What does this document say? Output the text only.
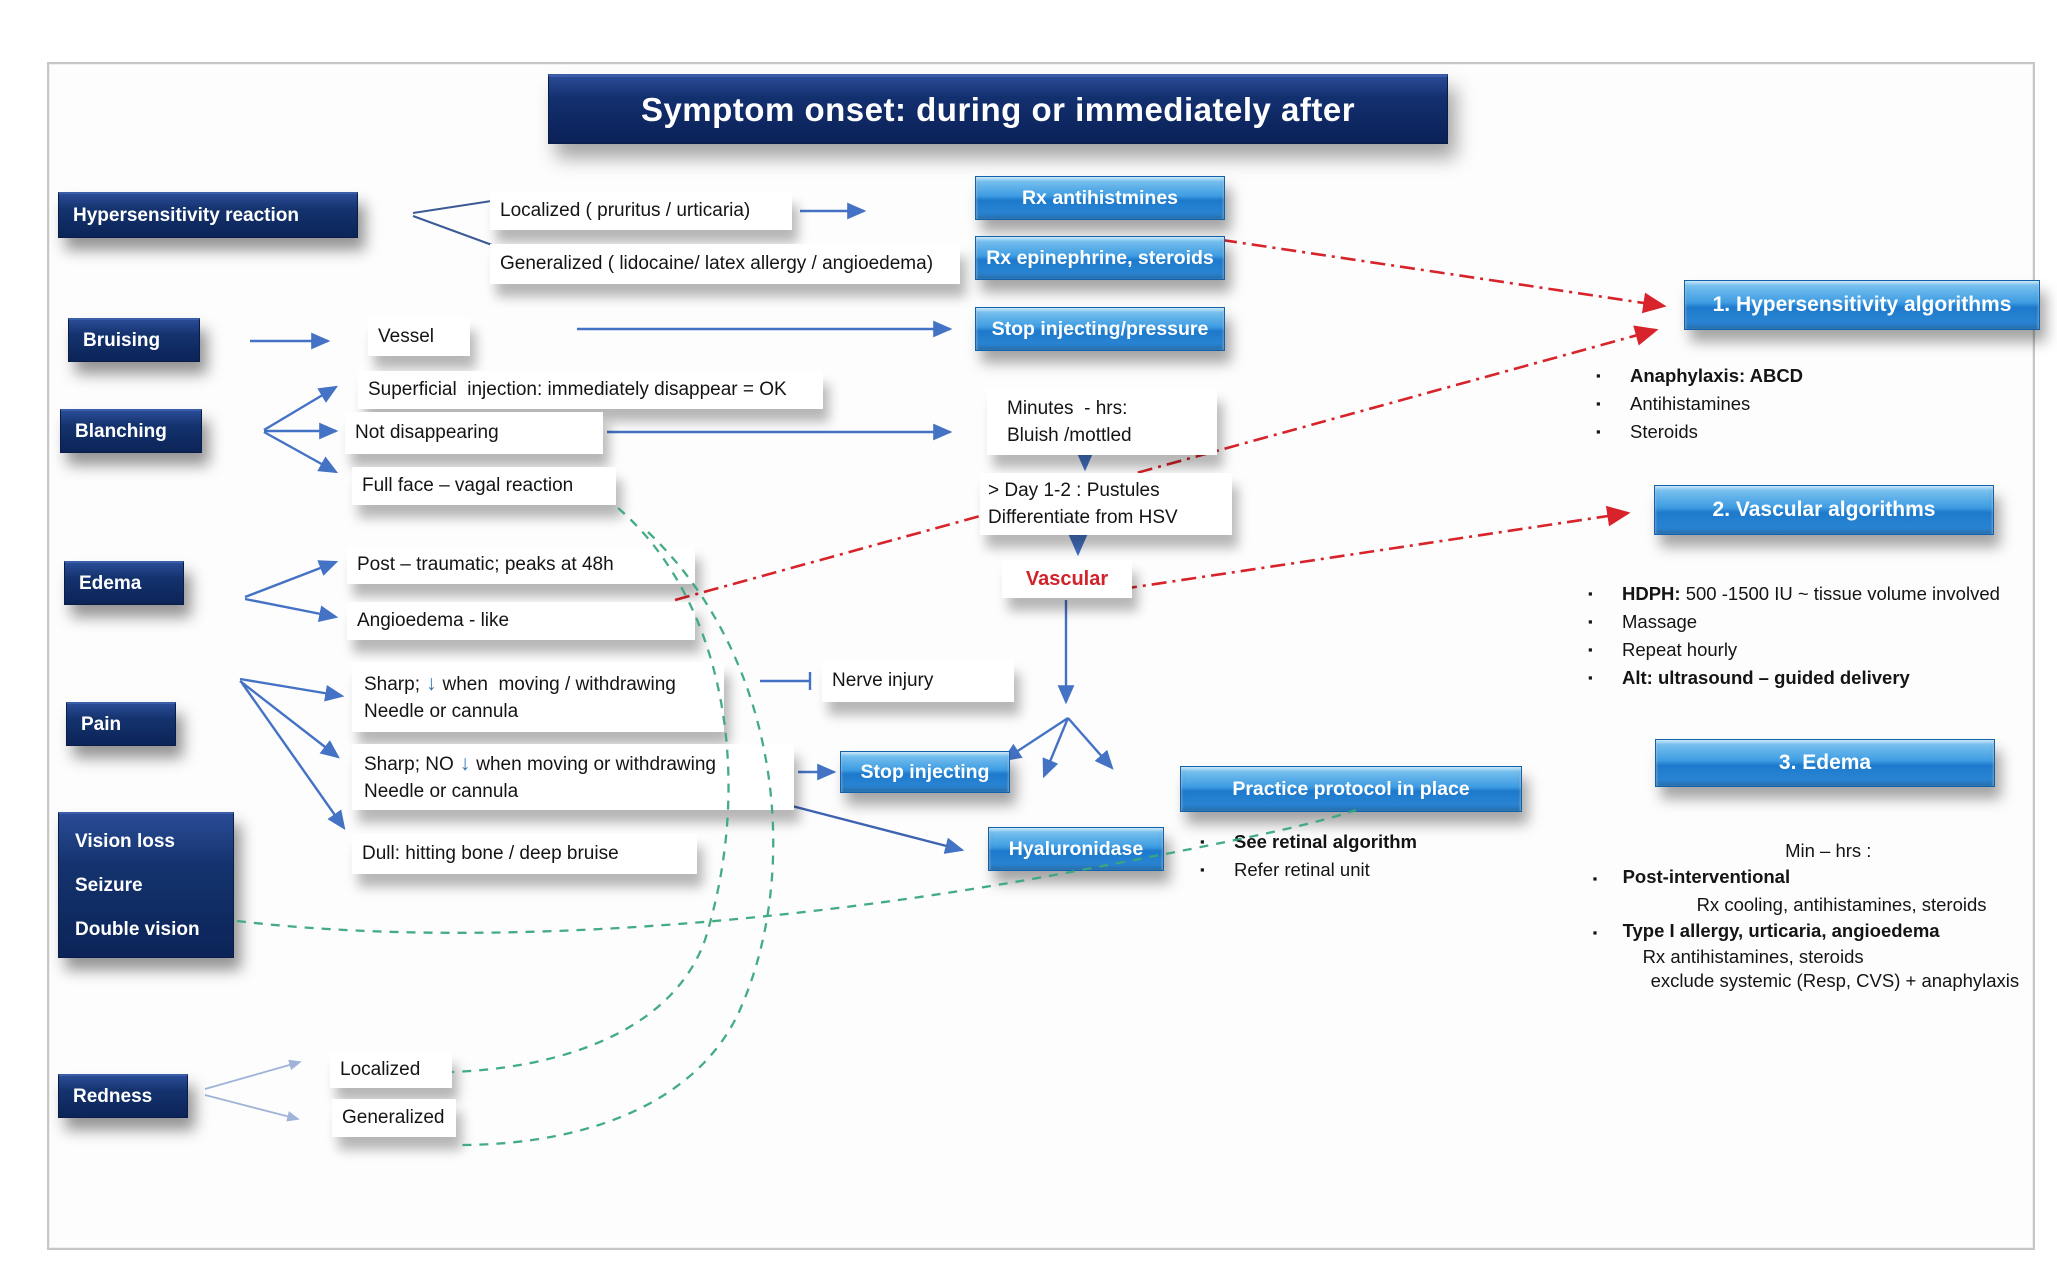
Symptom onset: during or immediately after
Hypersensitivity reaction
Bruising
Blanching
Edema
Pain
Vision loss
Seizure
Double vision
Redness
Localized ( pruritus / urticaria)
Generalized ( lidocaine/ latex allergy / angioedema)
Vessel
Superficial  injection: immediately disappear = OK
Not disappearing
Full face – vagal reaction
Minutes  - hrs:
Bluish /mottled
> Day 1-2 : Pustules
Differentiate from HSV
Vascular
Post – traumatic; peaks at 48h
Angioedema - like
Sharp; ↓ when  moving / withdrawing
Needle or cannula
Nerve injury
Sharp; NO ↓ when moving or withdrawing
Needle or cannula
Dull: hitting bone / deep bruise
Localized
Generalized
Rx antihistmines
Rx epinephrine, steroids
Stop injecting/pressure
Stop injecting
Hyaluronidase
Practice protocol in place
▪	See retinal algorithm
▪	Refer retinal unit
1. Hypersensitivity algorithms
▪	Anaphylaxis: ABCD
▪	Antihistamines
▪	Steroids
2. Vascular algorithms
▪	HDPH: 500 -1500 IU ~ tissue volume involved
▪	Massage
▪	Repeat hourly
▪	Alt: ultrasound – guided delivery
3. Edema

Min – hrs :

▪ Post-interventional

Rx cooling, antihistamines, steroids

▪ Type I allergy, urticaria, angioedema

Rx antihistamines, steroids

exclude systemic (Resp, CVS) + anaphylaxis
